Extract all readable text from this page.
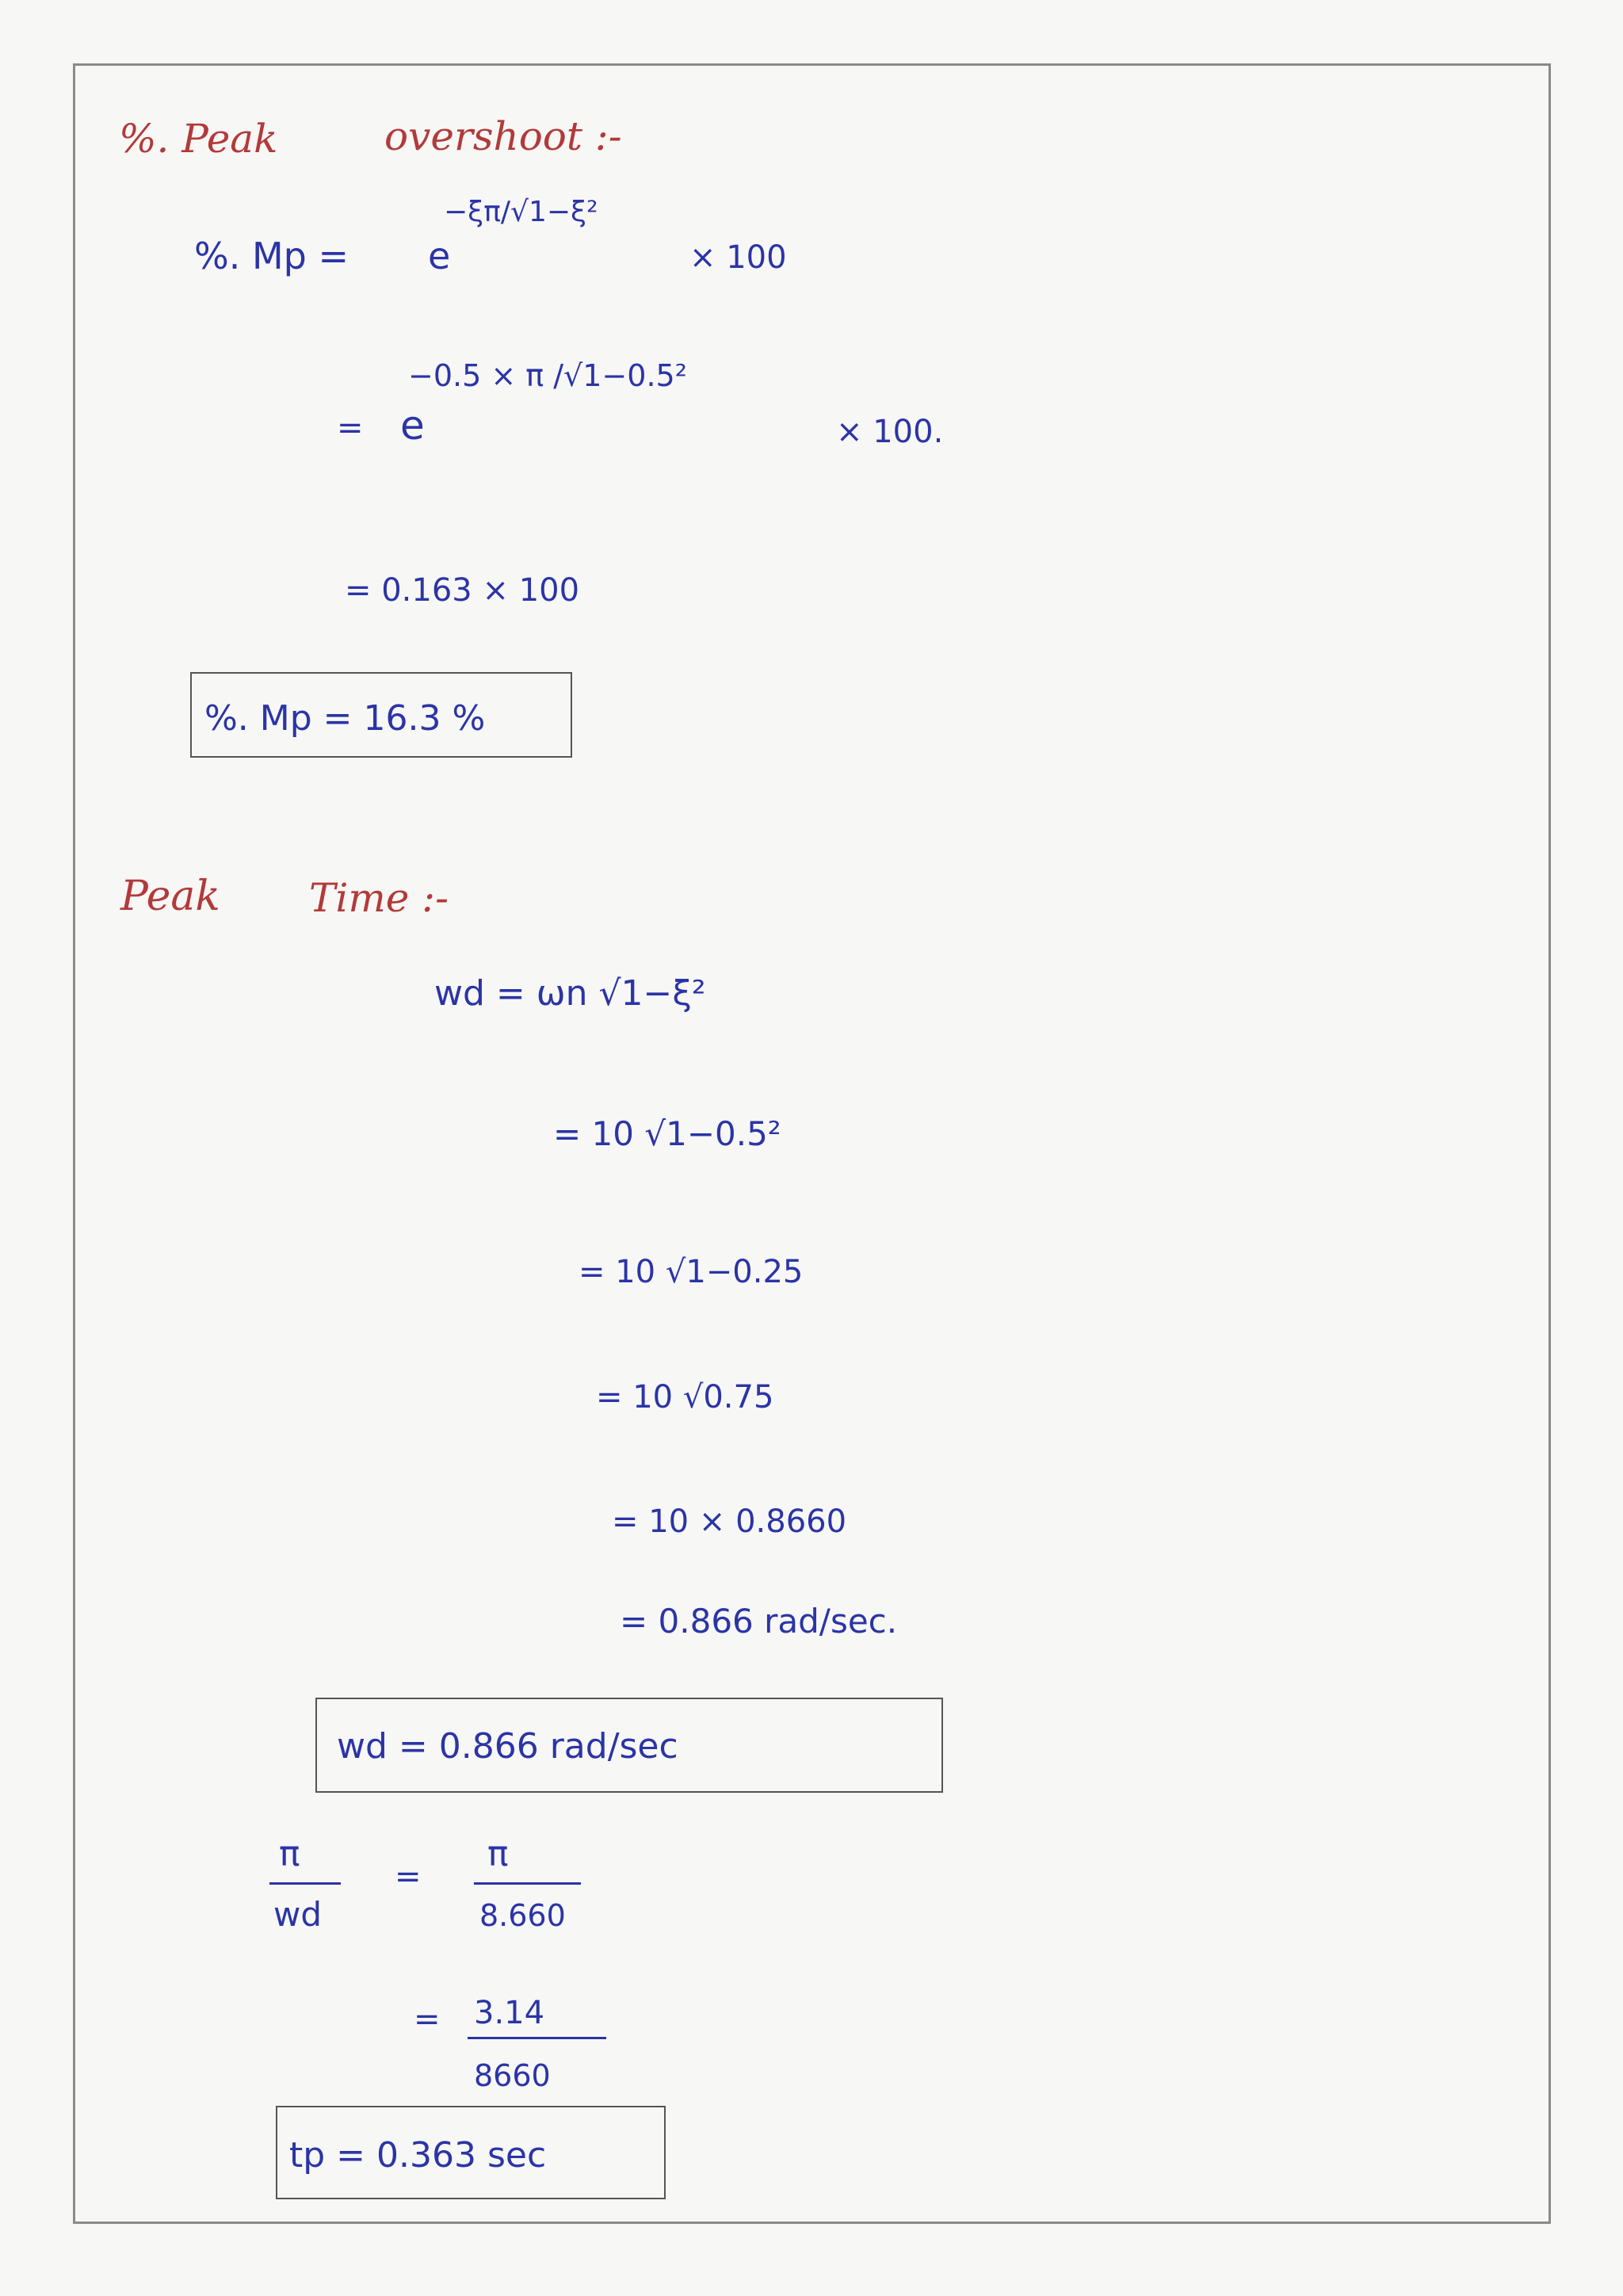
%. Peak	overshoot :-
%. Mp = e
−ξπ/√1−ξ²
× 100
= e
−0.5 × π /√1−0.5²
× 100.
= 0.163 × 100
%. Mp = 16.3 %
Peak Time :-
wd = ωn √1−ξ²
= 10 √1−0.5²
= 10 √1−0.25
= 10 √0.75
= 10 × 0.8660
= 0.866 rad/sec.
wd = 0.866 rad/sec
π
wd
=
π
8.660
= 3.14
8660
tp = 0.363 sec
